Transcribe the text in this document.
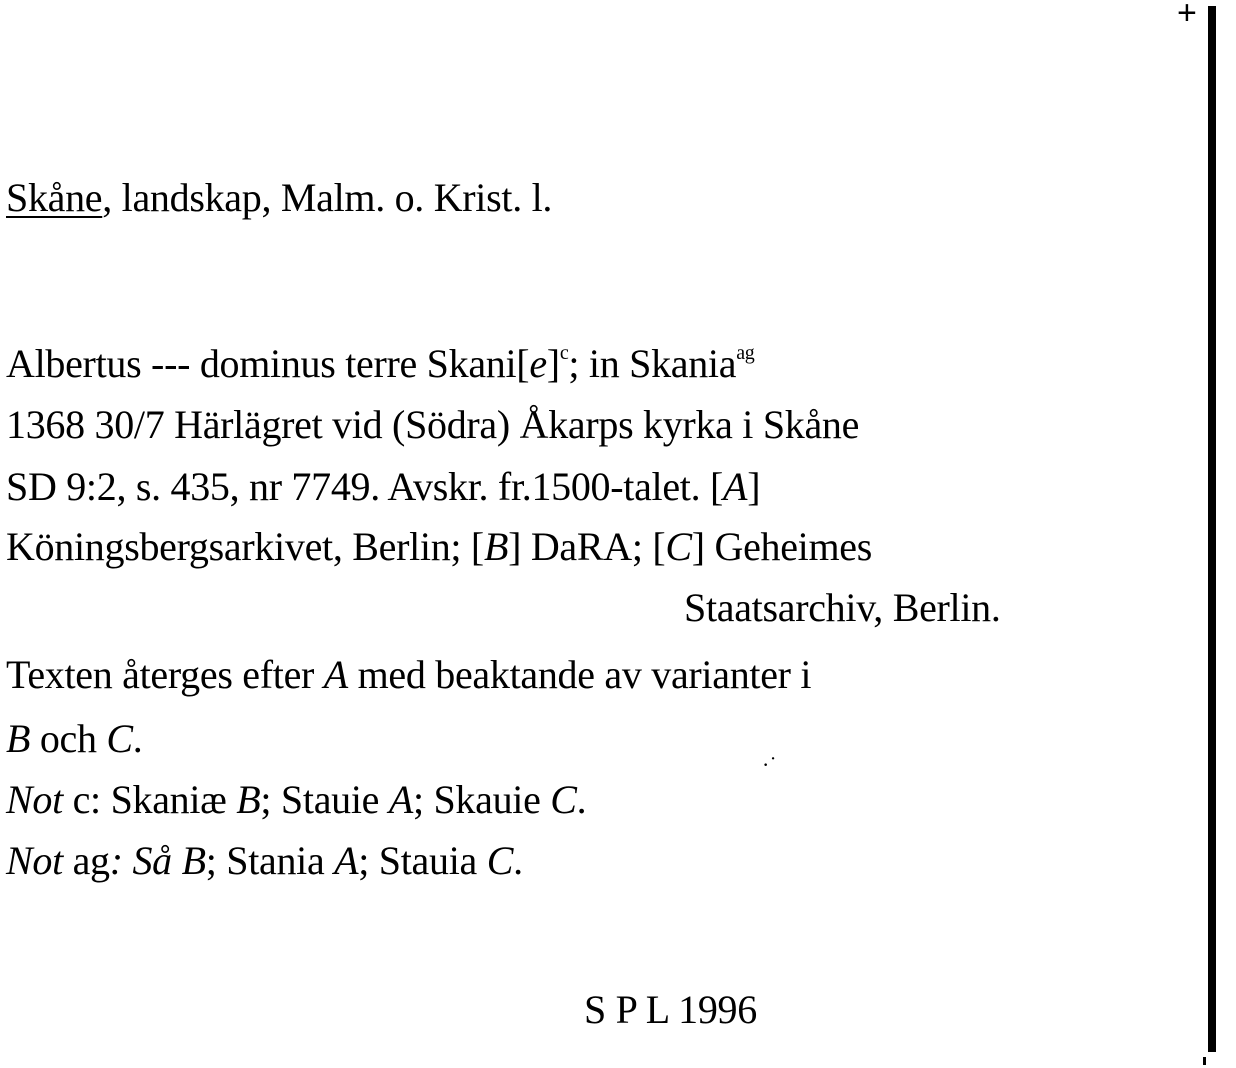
+
·˙
Skåne, landskap, Malm. o. Krist. l.
Albertus --- dominus terre $Skani[e]^c$; in Skania$^{ag}$
1368 30/7 Härlägret vid (Södra) Åkarps kyrka i Skåne
SD 9:2, s. 435, nr 7749. Avskr. fr.1500-talet. [A]
Köningsbergsarkivet, Berlin; [B] DaRA; [C] Geheimes
Staatsarchiv, Berlin.
Texten återges efter A med beaktande av varianter i
B och C.
Not c: Skaniæ B; Stauie A; Skauie C.
Not ag: Så B; Stania A; Stauia C.
S P L 1996
